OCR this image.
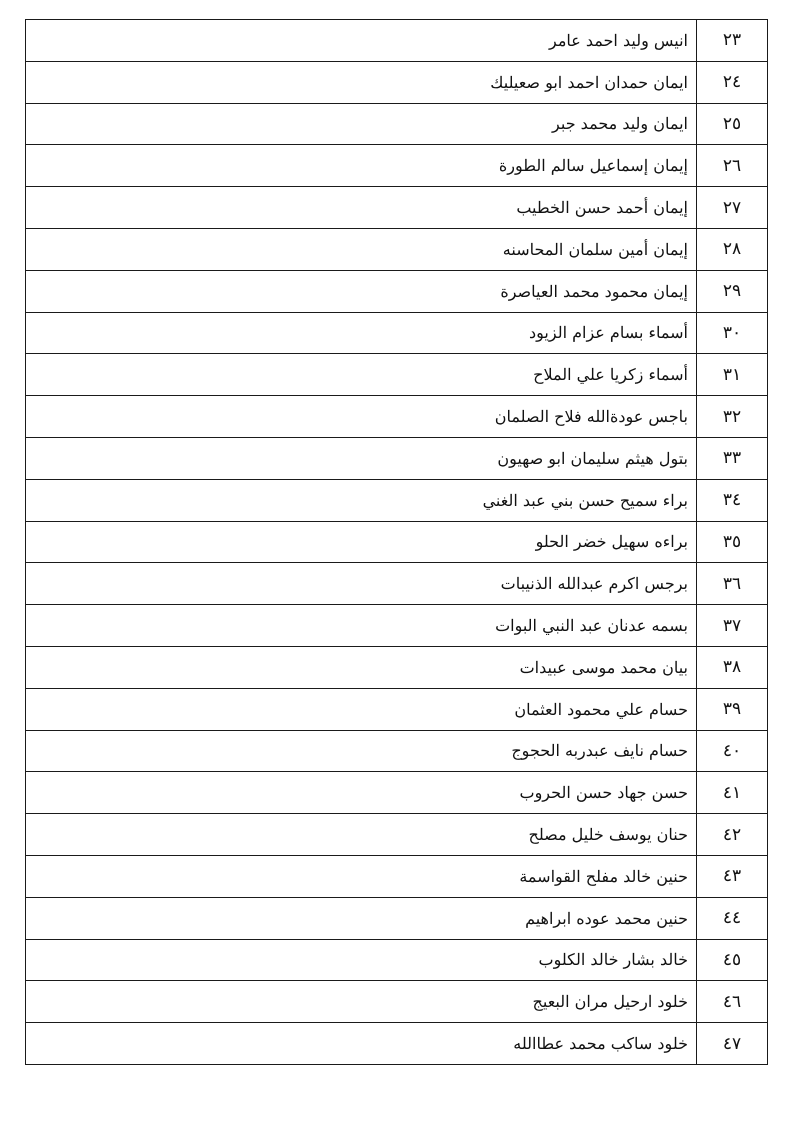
٢٣	انيس وليد احمد عامر
٢٤	ايمان حمدان احمد ابو صعيليك
٢٥	ايمان وليد محمد جبر
٢٦	إيمان إسماعيل سالم الطورة
٢٧	إيمان أحمد حسن الخطيب
٢٨	إيمان أمين سلمان المحاسنه
٢٩	إيمان محمود محمد العياصرة
٣٠	أسماء بسام عزام الزيود
٣١	أسماء زكريا علي الملاح
٣٢	باجس عودةالله فلاح الصلمان
٣٣	بتول هيثم سليمان ابو صهيون
٣٤	براء سميح حسن بني عبد الغني
٣٥	براءه سهيل خضر الحلو
٣٦	برجس اكرم عبدالله الذنيبات
٣٧	بسمه عدنان عبد النبي البوات
٣٨	بيان محمد موسى عبيدات
٣٩	حسام علي محمود العثمان
٤٠	حسام نايف عبدربه الحجوج
٤١	حسن جهاد حسن الحروب
٤٢	حنان يوسف خليل مصلح
٤٣	حنين خالد مفلح القواسمة
٤٤	حنين محمد عوده ابراهيم
٤٥	خالد بشار خالد الكلوب
٤٦	خلود ارحيل مران البعيج
٤٧	خلود ساكب محمد عطاالله
